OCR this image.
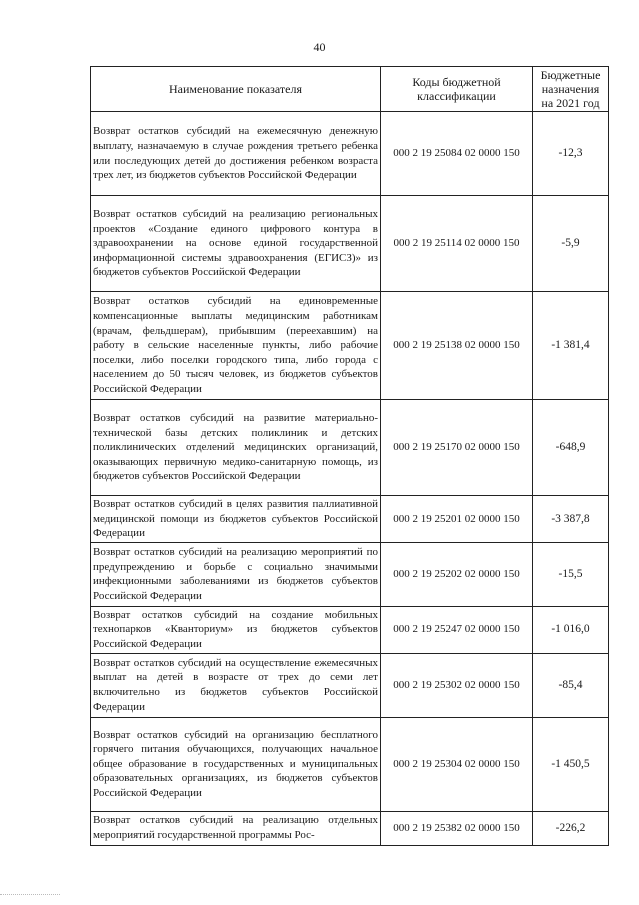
40
Наименование показателя	Коды бюджетной классификации	Бюджетные назначения на 2021 год
Возврат остатков субсидий на ежемесячную денежную выплату, назначаемую в случае рождения третьего ребенка или последующих детей до достижения ребенком возраста трех лет, из бюджетов субъектов Российской Федерации	000 2 19 25084 02 0000 150	-12,3
Возврат остатков субсидий на реализацию региональных проектов «Создание единого цифрового контура в здравоохранении на основе единой государственной информационной системы здравоохранения (ЕГИСЗ)» из бюджетов субъектов Российской Федерации	000 2 19 25114 02 0000 150	-5,9
Возврат остатков субсидий на единовременные компенсационные выплаты медицинским работникам (врачам, фельдшерам), прибывшим (переехавшим) на работу в сельские населенные пункты, либо рабочие поселки, либо поселки городского типа, либо города с населением до 50 тысяч человек, из бюджетов субъектов Российской Федерации	000 2 19 25138 02 0000 150	-1 381,4
Возврат остатков субсидий на развитие материально-технической базы детских поликлиник и детских поликлинических отделений медицинских организаций, оказывающих первичную медико-санитарную помощь, из бюджетов субъектов Российской Федерации	000 2 19 25170 02 0000 150	-648,9
Возврат остатков субсидий в целях развития паллиативной медицинской помощи из бюджетов субъектов Российской Федерации	000 2 19 25201 02 0000 150	-3 387,8
Возврат остатков субсидий на реализацию мероприятий по предупреждению и борьбе с социально значимыми инфекционными заболеваниями из бюджетов субъектов Российской Федерации	000 2 19 25202 02 0000 150	-15,5
Возврат остатков субсидий на создание мобильных технопарков «Кванториум» из бюджетов субъектов Российской Федерации	000 2 19 25247 02 0000 150	-1 016,0
Возврат остатков субсидий на осуществление ежемесячных выплат на детей в возрасте от трех до семи лет включительно из бюджетов субъектов Российской Федерации	000 2 19 25302 02 0000 150	-85,4
Возврат остатков субсидий на организацию бесплатного горячего питания обучающихся, получающих начальное общее образование в государственных и муниципальных образовательных организациях, из бюджетов субъектов Российской Федерации	000 2 19 25304 02 0000 150	-1 450,5
Возврат остатков субсидий на реализацию отдельных мероприятий государственной программы Рос-	000 2 19 25382 02 0000 150	-226,2
